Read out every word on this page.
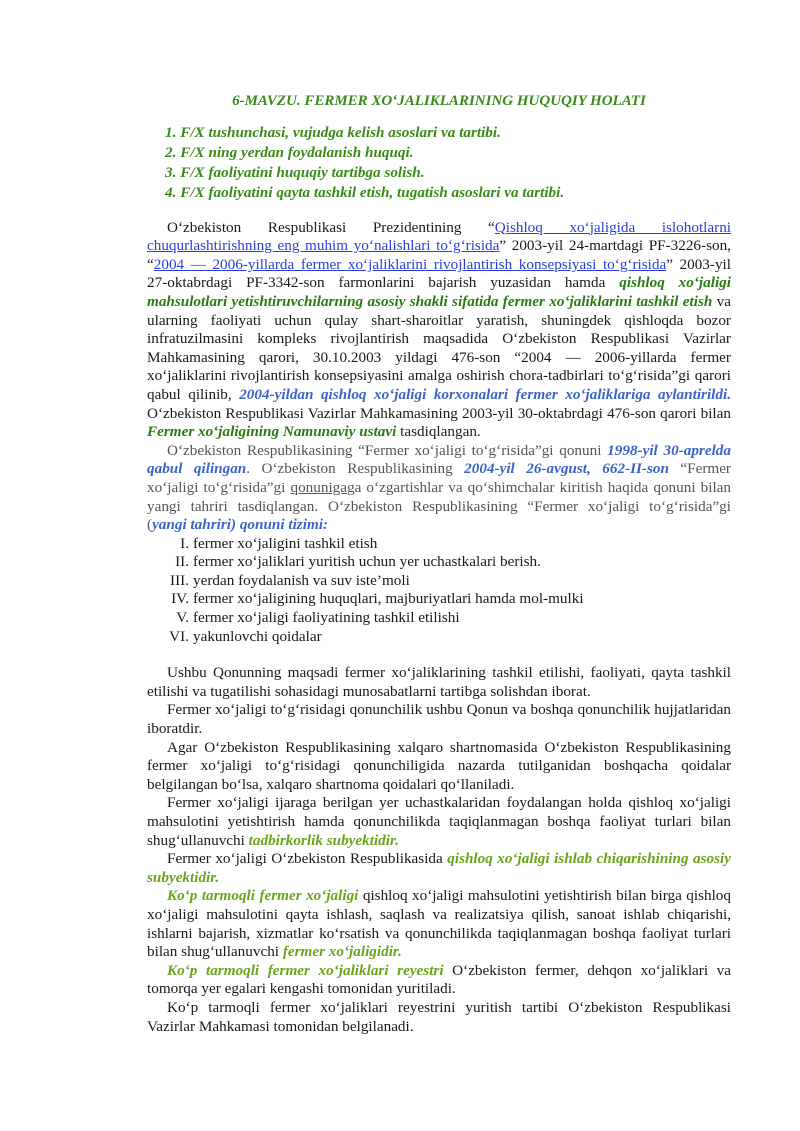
6-MAVZU. FERMER XO‘JALIKLARINING HUQUQIY HOLATI
1. F/X tushunchasi, vujudga kelish asoslari va tartibi.
2. F/X ning yerdan foydalanish huquqi.
3. F/X faoliyatini huquqiy tartibga solish.
4. F/X faoliyatini qayta tashkil etish, tugatish asoslari va tartibi.

O‘zbekiston Respublikasi Prezidentining “Qishloq xo‘jaligida islohotlarni chuqurlashtirishning eng muhim yo‘nalishlari to‘g‘risida” 2003-yil 24-martdagi PF-3226-son, “2004 — 2006-yillarda fermer xo‘jaliklarini rivojlantirish konsepsiyasi to‘g‘risida” 2003-yil 27-oktabrdagi PF-3342-son farmonlarini bajarish yuzasidan hamda qishloq xo‘jaligi mahsulotlari yetishtiruvchilarning asosiy shakli sifatida fermer xo‘jaliklarini tashkil etish va ularning faoliyati uchun qulay shart-sharoitlar yaratish, shuningdek qishloqda bozor infratuzilmasini kompleks rivojlantirish maqsadida O‘zbekiston Respublikasi Vazirlar Mahkamasining qarori, 30.10.2003 yildagi 476-son “2004 — 2006-yillarda fermer xo‘jaliklarini rivojlantirish konsepsiyasini amalga oshirish chora-tadbirlari to‘g‘risida”gi qarori qabul qilinib, 2004-yildan qishloq xo‘jaligi korxonalari fermer xo‘jaliklariga aylantirildi. O‘zbekiston Respublikasi Vazirlar Mahkamasining 2003-yil 30-oktabrdagi 476-son qarori bilan Fermer xo‘jaligining Namunaviy ustavi tasdiqlangan.

O‘zbekiston Respublikasining “Fermer xo‘jaligi to‘g‘risida”gi qonuni 1998-yil 30-aprelda qabul qilingan. O‘zbekiston Respublikasining 2004-yil 26-avgust, 662-II-son “Fermer xo‘jaligi to‘g‘risida”gi qonunigaga o‘zgartishlar va qo‘shimchalar kiritish haqida qonuni bilan yangi tahriri tasdiqlangan. O‘zbekiston Respublikasining “Fermer xo‘jaligi to‘g‘risida”gi (yangi tahriri) qonuni tizimi:

I. fermer xo‘jaligini tashkil etish
II. fermer xo‘jaliklari yuritish uchun yer uchastkalari berish.
III. yerdan foydalanish va suv iste’moli
IV. fermer xo‘jaligining huquqlari, majburiyatlari hamda mol-mulki
V. fermer xo‘jaligi faoliyatining tashkil etilishi
VI. yakunlovchi qoidalar

Ushbu Qonunning maqsadi fermer xo‘jaliklarining tashkil etilishi, faoliyati, qayta tashkil etilishi va tugatilishi sohasidagi munosabatlarni tartibga solishdan iborat.

Fermer xo‘jaligi to‘g‘risidagi qonunchilik ushbu Qonun va boshqa qonunchilik hujjatlaridan iboratdir.

Agar O‘zbekiston Respublikasining xalqaro shartnomasida O‘zbekiston Respublikasining fermer xo‘jaligi to‘g‘risidagi qonunchiligida nazarda tutilganidan boshqacha qoidalar belgilangan bo‘lsa, xalqaro shartnoma qoidalari qo‘llaniladi.

Fermer xo‘jaligi ijaraga berilgan yer uchastkalaridan foydalangan holda qishloq xo‘jaligi mahsulotini yetishtirish hamda qonunchilikda taqiqlanmagan boshqa faoliyat turlari bilan shug‘ullanuvchi tadbirkorlik subyektidir.

Fermer xo‘jaligi O‘zbekiston Respublikasida qishloq xo‘jaligi ishlab chiqarishining asosiy subyektidir.

Ko‘p tarmoqli fermer xo‘jaligi qishloq xo‘jaligi mahsulotini yetishtirish bilan birga qishloq xo‘jaligi mahsulotini qayta ishlash, saqlash va realizatsiya qilish, sanoat ishlab chiqarishi, ishlarni bajarish, xizmatlar ko‘rsatish va qonunchilikda taqiqlanmagan boshqa faoliyat turlari bilan shug‘ullanuvchi fermer xo‘jaligidir.

Ko‘p tarmoqli fermer xo‘jaliklari reyestri O‘zbekiston fermer, dehqon xo‘jaliklari va tomorqa yer egalari kengashi tomonidan yuritiladi.

Ko‘p tarmoqli fermer xo‘jaliklari reyestrini yuritish tartibi O‘zbekiston Respublikasi Vazirlar Mahkamasi tomonidan belgilanadi.
